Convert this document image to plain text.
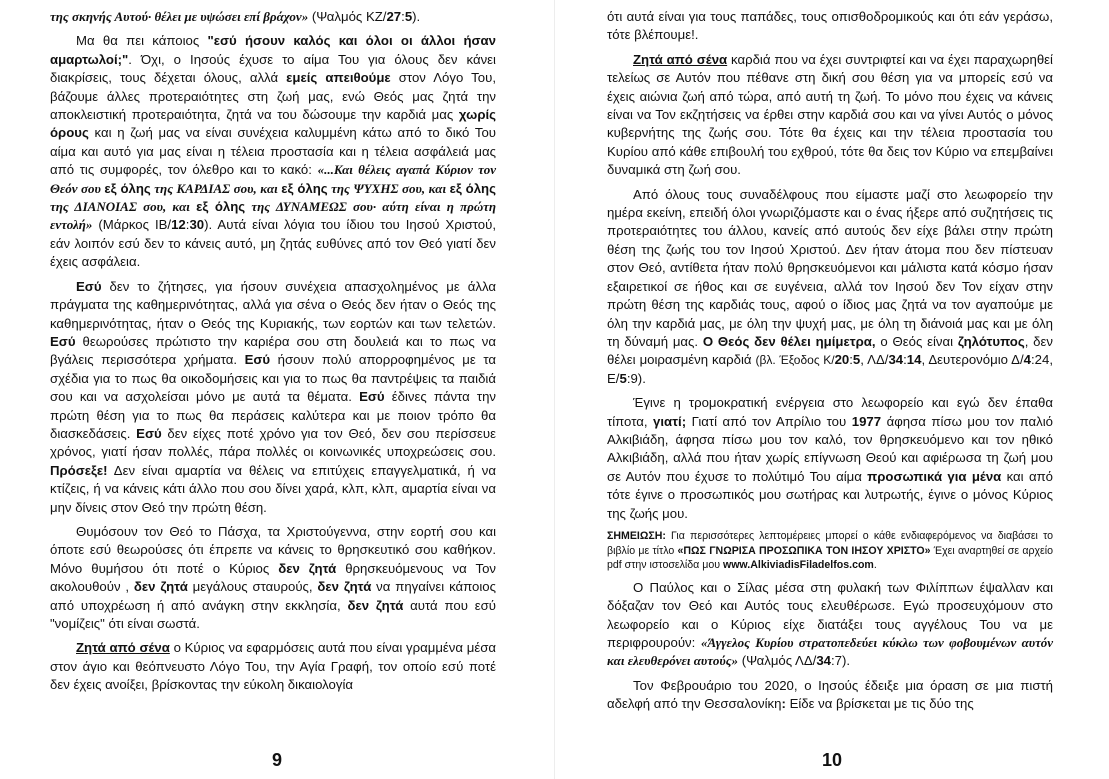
της σκηνής Αυτού· θέλει με υψώσει επί βράχον» (Ψαλμός ΚΖ/27:5).

Μα θα πει κάποιος "εσύ ήσουν καλός και όλοι οι άλλοι ήσαν αμαρτωλοί;". Όχι, ο Ιησούς έχυσε το αίμα Του για όλους δεν κάνει διακρίσεις, τους δέχεται όλους, αλλά εμείς απειθούμε στον Λόγο Του, βάζουμε άλλες προτεραιότητες στη ζωή μας, ενώ Θεός μας ζητά την αποκλειστική προτεραιότητα, ζητά να του δώσουμε την καρδιά μας χωρίς όρους και η ζωή μας να είναι συνέχεια καλυμμένη κάτω από το δικό Του αίμα και αυτό για μας είναι η τέλεια προστασία και η τέλεια ασφάλειά μας από τις συμφορές, τον όλεθρο και το κακό: «...Και θέλεις αγαπά Κύριον τον Θεόν σου εξ όλης της ΚΑΡΔΙΑΣ σου, και εξ όλης της ΨΥΧΗΣ σου, και εξ όλης της ΔΙΑΝΟΙΑΣ σου, και εξ όλης της ΔΥΝΑΜΕΩΣ σου· αύτη είναι η πρώτη εντολή» (Μάρκος ΙΒ/12:30). Αυτά είναι λόγια του ίδιου του Ιησού Χριστού, εάν λοιπόν εσύ δεν το κάνεις αυτό, μη ζητάς ευθύνες από τον Θεό γιατί δεν έχεις ασφάλεια.

Εσύ δεν το ζήτησες, για ήσουν συνέχεια απασχολημένος με άλλα πράγματα της καθημερινότητας, αλλά για σένα ο Θεός δεν ήταν ο Θεός της καθημερινότητας, ήταν ο Θεός της Κυριακής, των εορτών και των τελετών. Εσύ θεωρούσες πρώτιστο την καριέρα σου στη δουλειά και το πως να βγάλεις περισσότερα χρήματα. Εσύ ήσουν πολύ απορροφημένος με τα σχέδια για το πως θα οικοδομήσεις και για το πως θα παντρέψεις τα παιδιά σου και να ασχολείσαι μόνο με αυτά τα θέματα. Εσύ έδινες πάντα την πρώτη θέση για το πως θα περάσεις καλύτερα και με ποιον τρόπο θα διασκεδάσεις. Εσύ δεν είχες ποτέ χρόνο για τον Θεό, δεν σου περίσσευε χρόνος, γιατί ήσαν πολλές, πάρα πολλές οι κοινωνικές υποχρεώσεις σου. Πρόσεξε! Δεν είναι αμαρτία να θέλεις να επιτύχεις επαγγελματικά, ή να κτίζεις, ή να κάνεις κάτι άλλο που σου δίνει χαρά, κλπ, κλπ, αμαρτία είναι να μην δίνεις στον Θεό την πρώτη θέση.

Θυμόσουν τον Θεό το Πάσχα, τα Χριστούγεννα, στην εορτή σου και όποτε εσύ θεωρούσες ότι έπρεπε να κάνεις το θρησκευτικό σου καθήκον. Μόνο θυμήσου ότι ποτέ ο Κύριος δεν ζητά θρησκευόμενους να Τον ακολουθούν , δεν ζητά μεγάλους σταυρούς, δεν ζητά να πηγαίνει κάποιος από υποχρέωση ή από ανάγκη στην εκκλησία, δεν ζητά αυτά που εσύ "νομίζεις" ότι είναι σωστά.

Ζητά από σένα ο Κύριος να εφαρμόσεις αυτά που είναι γραμμένα μέσα στον άγιο και θεόπνευστο Λόγο Του, την Αγία Γραφή, τον οποίο εσύ ποτέ δεν έχεις ανοίξει, βρίσκοντας την εύκολη δικαιολογία

9

ότι αυτά είναι για τους παπάδες, τους οπισθοδρομικούς και ότι εάν γεράσω, τότε βλέπουμε!.

Ζητά από σένα καρδιά που να έχει συντριφτεί και να έχει παραχωρηθεί τελείως σε Αυτόν που πέθανε στη δική σου θέση για να μπορείς εσύ να έχεις αιώνια ζωή από τώρα, από αυτή τη ζωή. Το μόνο που έχεις να κάνεις είναι να Τον εκζητήσεις να έρθει στην καρδιά σου και να γίνει Αυτός ο μόνος κυβερνήτης της ζωής σου. Τότε θα έχεις και την τέλεια προστασία του Κυρίου από κάθε επιβουλή του εχθρού, τότε θα δεις τον Κύριο να επεμβαίνει δυναμικά στη ζωή σου.

Από όλους τους συναδέλφους που είμαστε μαζί στο λεωφορείο την ημέρα εκείνη, επειδή όλοι γνωριζόμαστε και ο ένας ήξερε από συζητήσεις τις προτεραιότητες του άλλου, κανείς από αυτούς δεν είχε βάλει στην πρώτη θέση της ζωής του τον Ιησού Χριστού. Δεν ήταν άτομα που δεν πίστευαν στον Θεό, αντίθετα ήταν πολύ θρησκευόμενοι και μάλιστα κατά κόσμο ήσαν εξαιρετικοί σε ήθος και σε ευγένεια, αλλά τον Ιησού δεν Τον είχαν στην πρώτη θέση της καρδιάς τους, αφού ο ίδιος μας ζητά να τον αγαπούμε με όλη την καρδιά μας, με όλη την ψυχή μας, με όλη τη διάνοιά μας και με όλη τη δύναμή μας. Ο Θεός δεν θέλει ημίμετρα, ο Θεός είναι ζηλότυπος, δεν θέλει μοιρασμένη καρδιά (βλ. Έξοδος Κ/20:5, ΛΔ/34:14, Δευτερονόμιο Δ/4:24, Ε/5:9).

Έγινε η τρομοκρατική ενέργεια στο λεωφορείο και εγώ δεν έπαθα τίποτα, γιατί; Γιατί από τον Απρίλιο του 1977 άφησα πίσω μου τον παλιό Αλκιβιάδη, άφησα πίσω μου τον καλό, τον θρησκευόμενο και τον ηθικό Αλκιβιάδη, αλλά που ήταν χωρίς επίγνωση Θεού και αφιέρωσα τη ζωή μου σε Αυτόν που έχυσε το πολύτιμό Του αίμα προσωπικά για μένα και από τότε έγινε ο προσωπικός μου σωτήρας και λυτρωτής, έγινε ο μόνος Κύριος της ζωής μου.

ΣΗΜΕΙΩΣΗ: Για περισσότερες λεπτομέρειες μπορεί ο κάθε ενδιαφερόμενος να διαβάσει το βιβλίο με τίτλο «ΠΩΣ ΓΝΩΡΙΣΑ ΠΡΟΣΩΠΙΚΑ ΤΟΝ ΙΗΣΟΥ ΧΡΙΣΤΟ» Έχει αναρτηθεί σε αρχείο pdf στην ιστοσελίδα μου www.AlkiviadisFiladelfos.com.

Ο Παύλος και ο Σίλας μέσα στη φυλακή των Φιλίππων έψαλλαν και δόξαζαν τον Θεό και Αυτός τους ελευθέρωσε. Εγώ προσευχόμουν στο λεωφορείο και ο Κύριος είχε διατάξει τους αγγέλους Του να με περιφρουρούν: «Άγγελος Κυρίου στρατοπεδεύει κύκλω των φοβουμένων αυτόν και ελευθερόνει αυτούς» (Ψαλμός ΛΔ/34:7).

Τον Φεβρουάριο του 2020, ο Ιησούς έδειξε μια όραση σε μια πιστή αδελφή από την Θεσσαλονίκη: Είδε να βρίσκεται με τις δύο της

10
